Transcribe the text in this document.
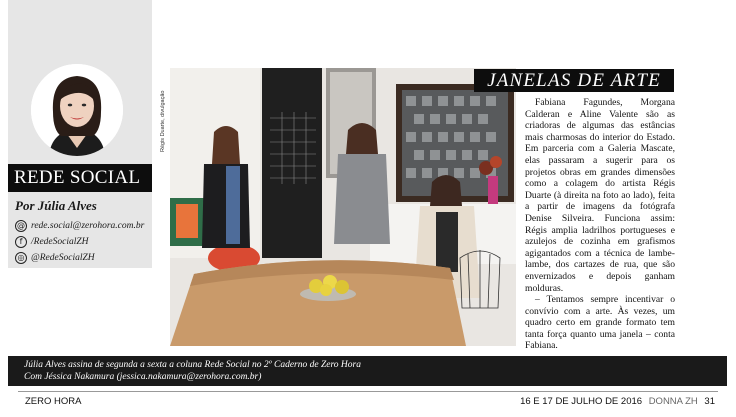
REDE SOCIAL
Por Júlia Alves
@ rede.social@zerohora.com.br
f /RedeSocialZH
◎ @RedeSocialZH
Régis Duarte, divulgação
JANELAS DE ARTE

Fabiana Fagundes, Morgana Calderan e Aline Valente são as criadoras de algumas das estâncias mais charmosas do interior do Estado. Em parceria com a Galeria Mascate, elas passaram a sugerir para os projetos obras em grandes dimensões como a colagem do artista Régis Duarte (à direita na foto ao lado), feita a partir de imagens da fotógrafa Denise Silveira. Funciona assim: Régis amplia ladrilhos portugueses e azulejos de cozinha em grafismos agigantados com a técnica de lambe-lambe, dos cartazes de rua, que são envernizados e depois ganham molduras.

– Tentamos sempre incentivar o convívio com a arte. Às vezes, um quadro certo em grande formato tem tanta força quanto uma janela – conta Fabiana.

Júlia Alves assina de segunda a sexta a coluna Rede Social no 2º Caderno de Zero Hora
Com Jéssica Nakamura (jessica.nakamura@zerohora.com.br)
ZERO HORA	16 E 17 DE JULHO DE 2016 DONNA ZH 31
